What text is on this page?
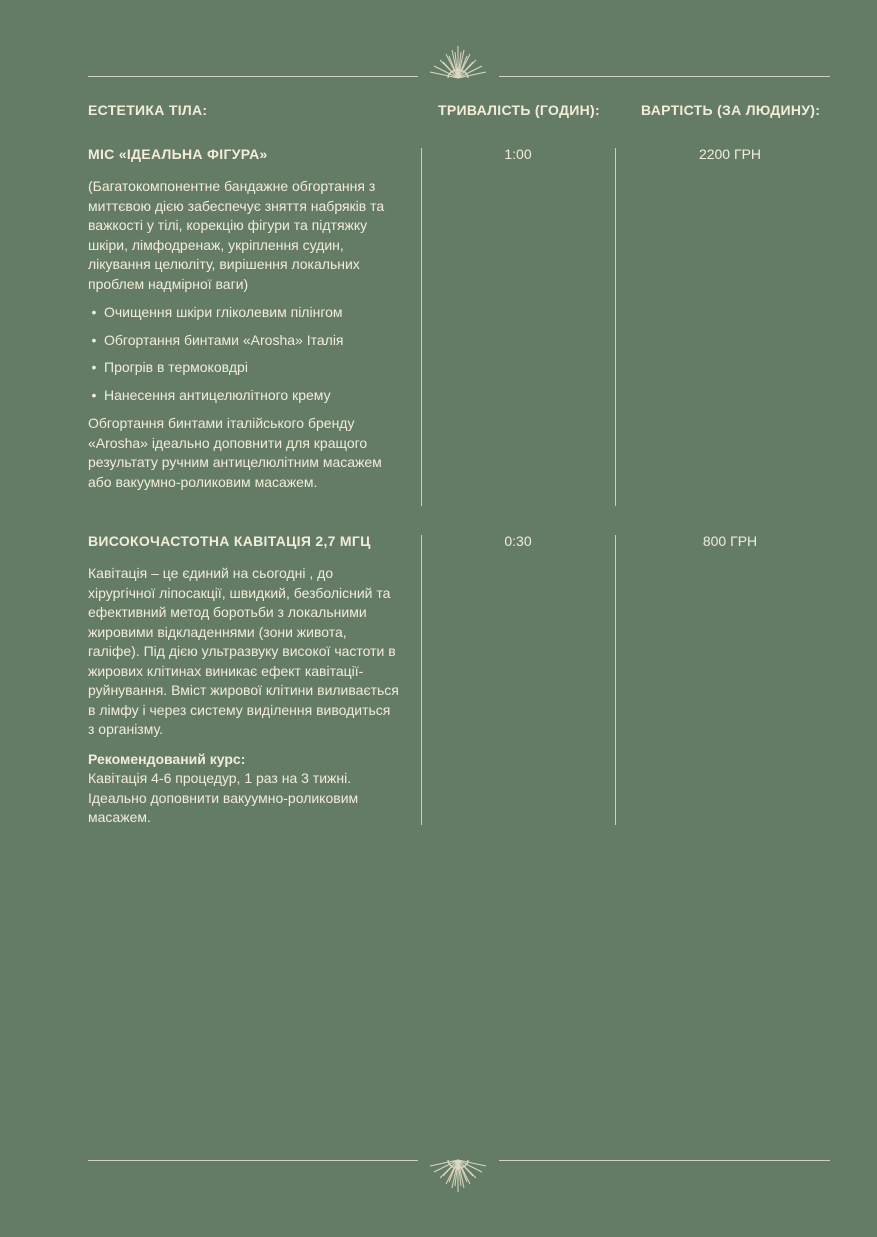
ЕСТЕТИКА ТІЛА:	ТРИВАЛІСТЬ (ГОДИН):	ВАРТІСТЬ (ЗА ЛЮДИНУ):
МІС «ІДЕАЛЬНА ФІГУРА»	1:00	2200 ГРН
(Багатокомпонентне бандажне обгортання з миттєвою дією забеспечує зняття набряків та важкості у тілі, корекцію фігури та підтяжку шкіри, лімфодренаж, укріплення судин, лікування целюліту, вирішення локальних проблем надмірної ваги)
• Очищення шкіри гліколевим пілінгом
• Обгортання бинтами «Arosha» Італія
• Прогрів в термоковдрі
• Нанесення антицелюлітного крему
Обгортання бинтами італійського бренду «Arosha» ідеально доповнити для кращого результату ручним антицелюлітним масажем або вакуумно-роликовим масажем.
ВИСОКОЧАСТОТНА КАВІТАЦІЯ 2,7 МГЦ	0:30	800 ГРН
Кавітація – це єдиний на сьогодні , до хірургічної ліпосакції, швидкий, безболісний та ефективний метод боротьби з локальними жировими відкладеннями (зони живота, галіфе). Під дією ультразвуку високої частоти в жирових клітинах виникає ефект кавітації-руйнування. Вміст жирової клітини виливається в лімфу і через систему виділення виводиться з організму.
Рекомендований курс:
Кавітація 4-6 процедур, 1 раз на 3 тижні. Ідеально доповнити вакуумно-роликовим масажем.
